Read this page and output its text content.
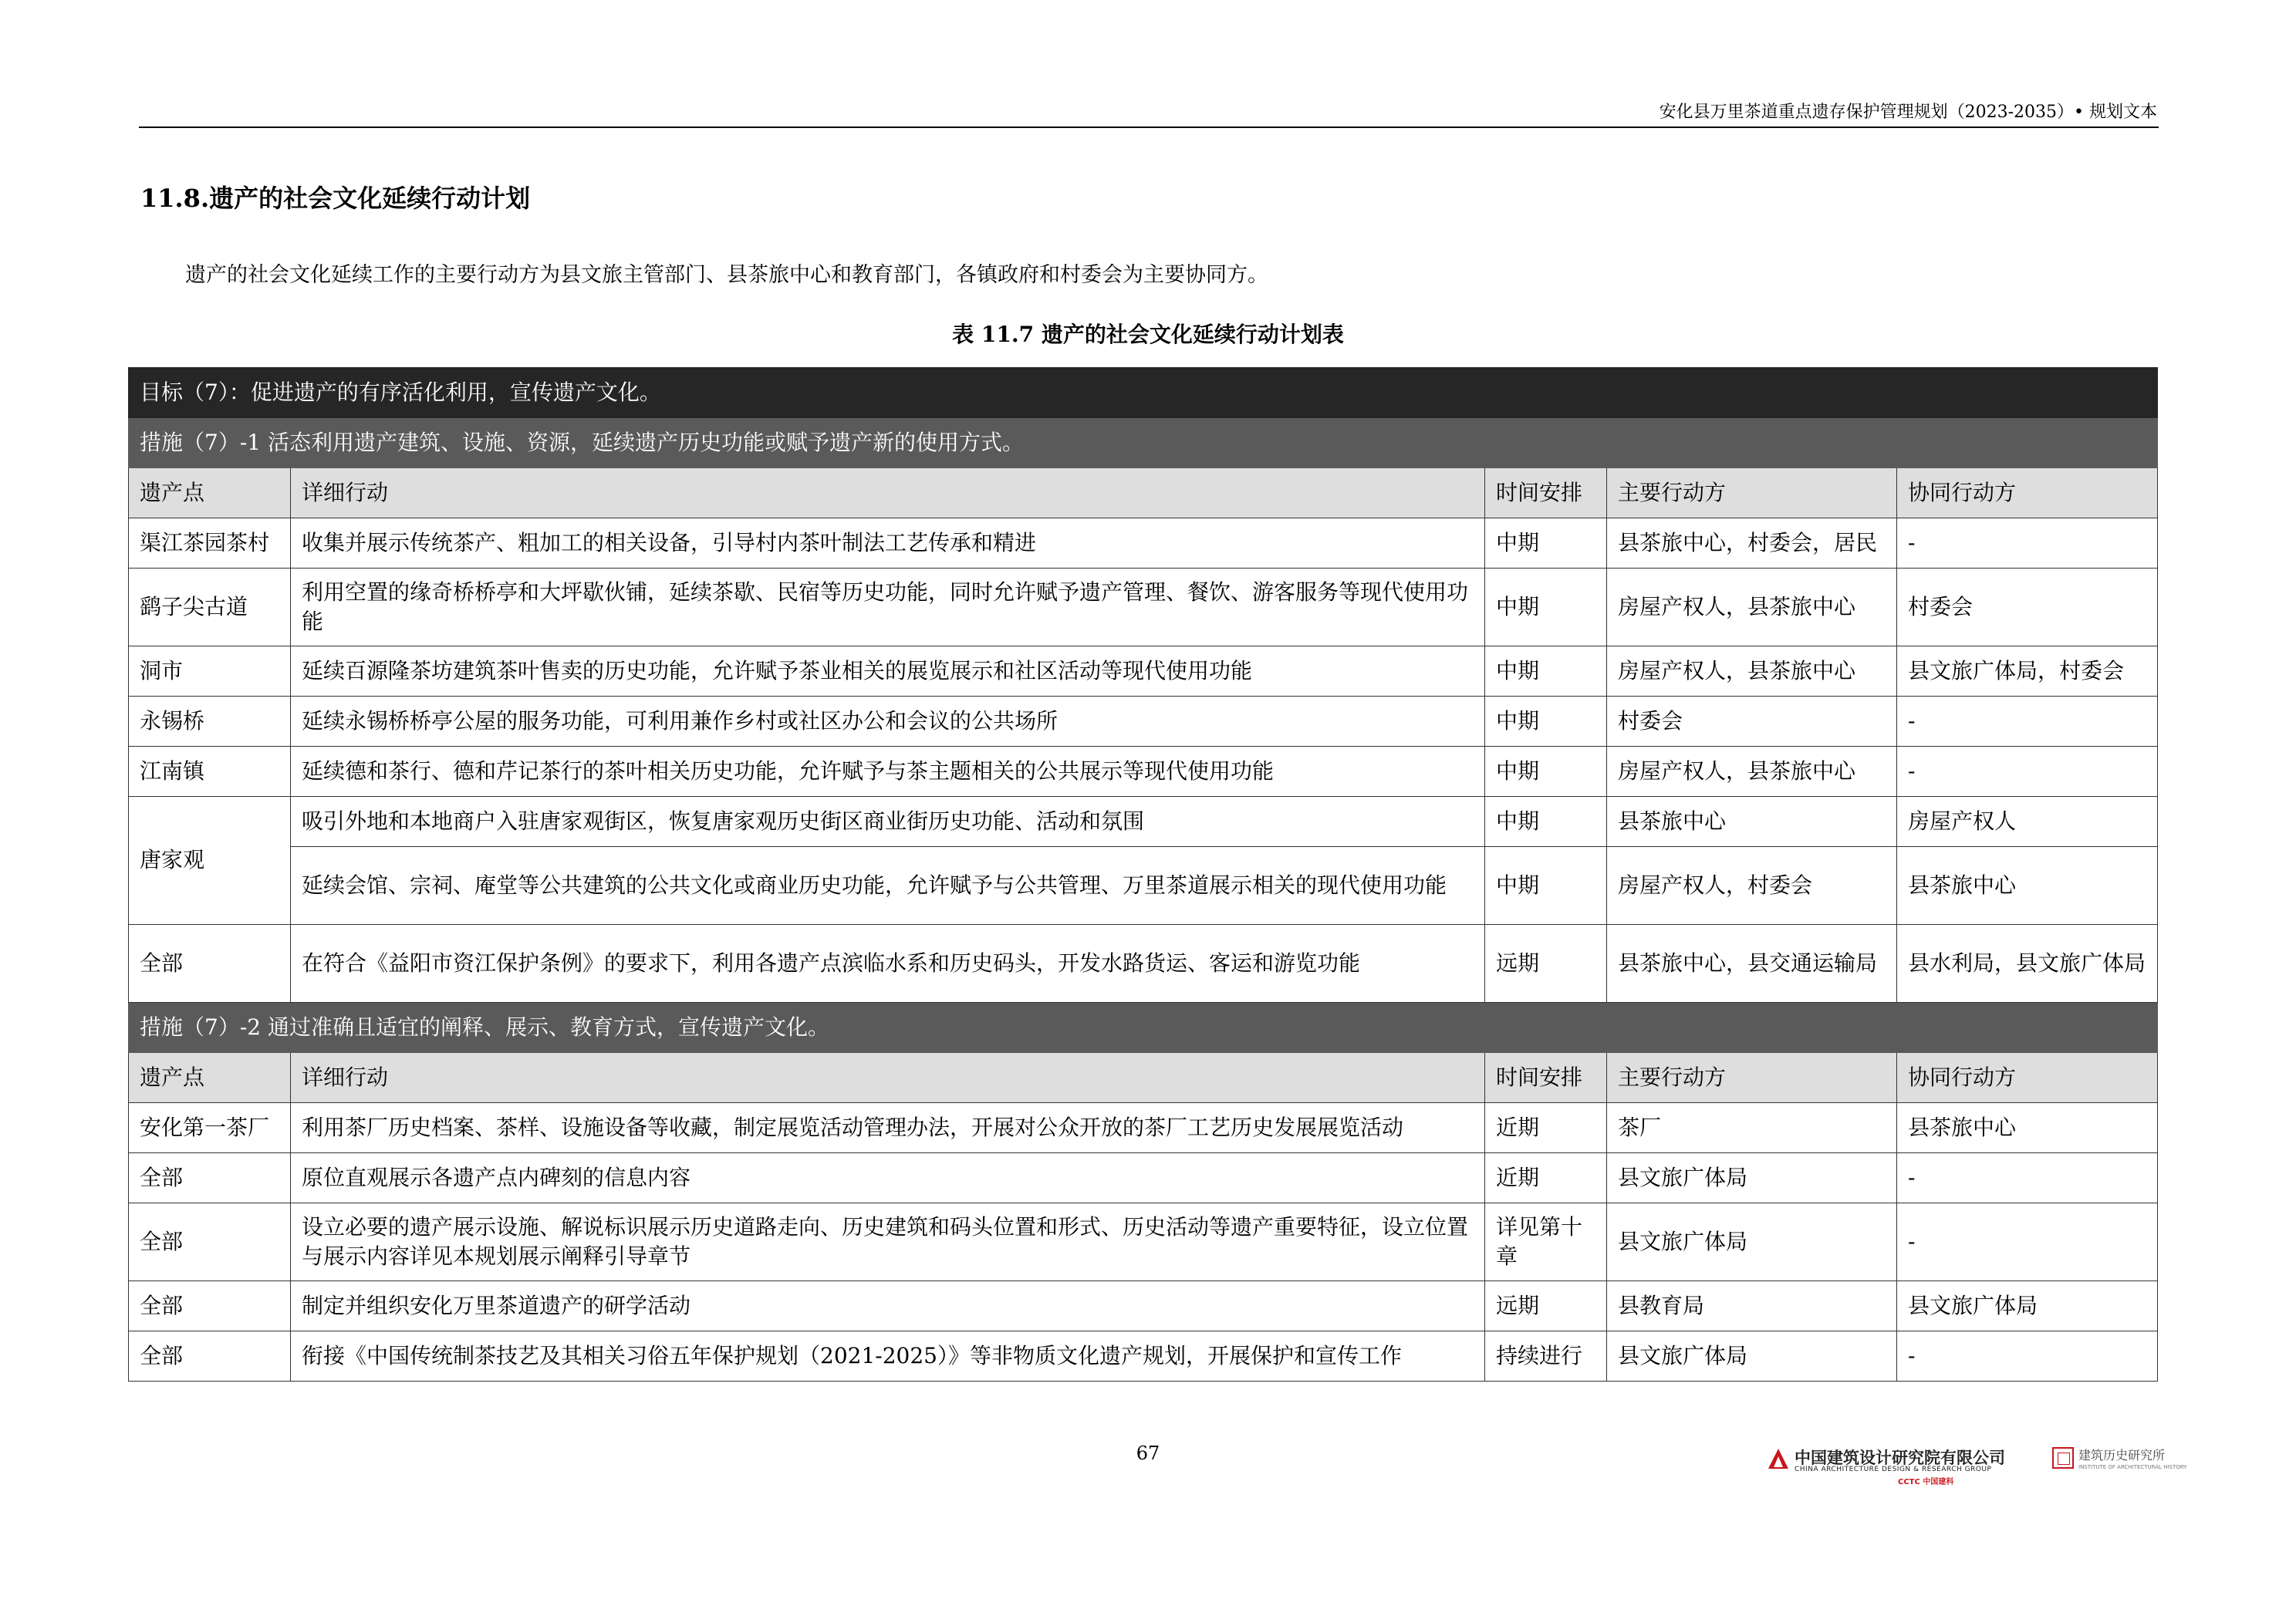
安化县万里茶道重点遗存保护管理规划（2023-2035）• 规划文本
11.8.遗产的社会文化延续行动计划
遗产的社会文化延续工作的主要行动方为县文旅主管部门、县茶旅中心和教育部门，各镇政府和村委会为主要协同方。
表 11.7 遗产的社会文化延续行动计划表
目标（7）：促进遗产的有序活化利用，宣传遗产文化。				
措施（7）-1 活态利用遗产建筑、设施、资源，延续遗产历史功能或赋予遗产新的使用方式。				
遗产点	详细行动	时间安排	主要行动方	协同行动方
渠江茶园茶村	收集并展示传统茶产、粗加工的相关设备，引导村内茶叶制法工艺传承和精进	中期	县茶旅中心，村委会，居民	-
鹞子尖古道	利用空置的缘奇桥桥亭和大坪歇伙铺，延续茶歇、民宿等历史功能，同时允许赋予遗产管理、餐饮、游客服务等现代使用功能	中期	房屋产权人，县茶旅中心	村委会
洞市	延续百源隆茶坊建筑茶叶售卖的历史功能，允许赋予茶业相关的展览展示和社区活动等现代使用功能	中期	房屋产权人，县茶旅中心	县文旅广体局，村委会
永锡桥	延续永锡桥桥亭公屋的服务功能，可利用兼作乡村或社区办公和会议的公共场所	中期	村委会	-
江南镇	延续德和茶行、德和芹记茶行的茶叶相关历史功能，允许赋予与茶主题相关的公共展示等现代使用功能	中期	房屋产权人，县茶旅中心	-
唐家观	吸引外地和本地商户入驻唐家观街区，恢复唐家观历史街区商业街历史功能、活动和氛围	中期	县茶旅中心	房屋产权人
	延续会馆、宗祠、庵堂等公共建筑的公共文化或商业历史功能，允许赋予与公共管理、万里茶道展示相关的现代使用功能	中期	房屋产权人，村委会	县茶旅中心
全部	在符合《益阳市资江保护条例》的要求下，利用各遗产点滨临水系和历史码头，开发水路货运、客运和游览功能	远期	县茶旅中心，县交通运输局	县水利局，县文旅广体局
措施（7）-2 通过准确且适宜的阐释、展示、教育方式，宣传遗产文化。				
遗产点	详细行动	时间安排	主要行动方	协同行动方
安化第一茶厂	利用茶厂历史档案、茶样、设施设备等收藏，制定展览活动管理办法，开展对公众开放的茶厂工艺历史发展展览活动	近期	茶厂	县茶旅中心
全部	原位直观展示各遗产点内碑刻的信息内容	近期	县文旅广体局	-
全部	设立必要的遗产展示设施、解说标识展示历史道路走向、历史建筑和码头位置和形式、历史活动等遗产重要特征，设立位置与展示内容详见本规划展示阐释引导章节	详见第十章	县文旅广体局	-
全部	制定并组织安化万里茶道遗产的研学活动	远期	县教育局	县文旅广体局
全部	衔接《中国传统制茶技艺及其相关习俗五年保护规划（2021-2025）》等非物质文化遗产规划，开展保护和宣传工作	持续进行	县文旅广体局	-
67	中国建筑设计研究院有限公司
CHINA ARCHITECTURE DESIGN & RESEARCH GROUP
CCTC 中国建科
建筑历史研究所
INSTITUTE OF ARCHITECTURAL HISTORY
